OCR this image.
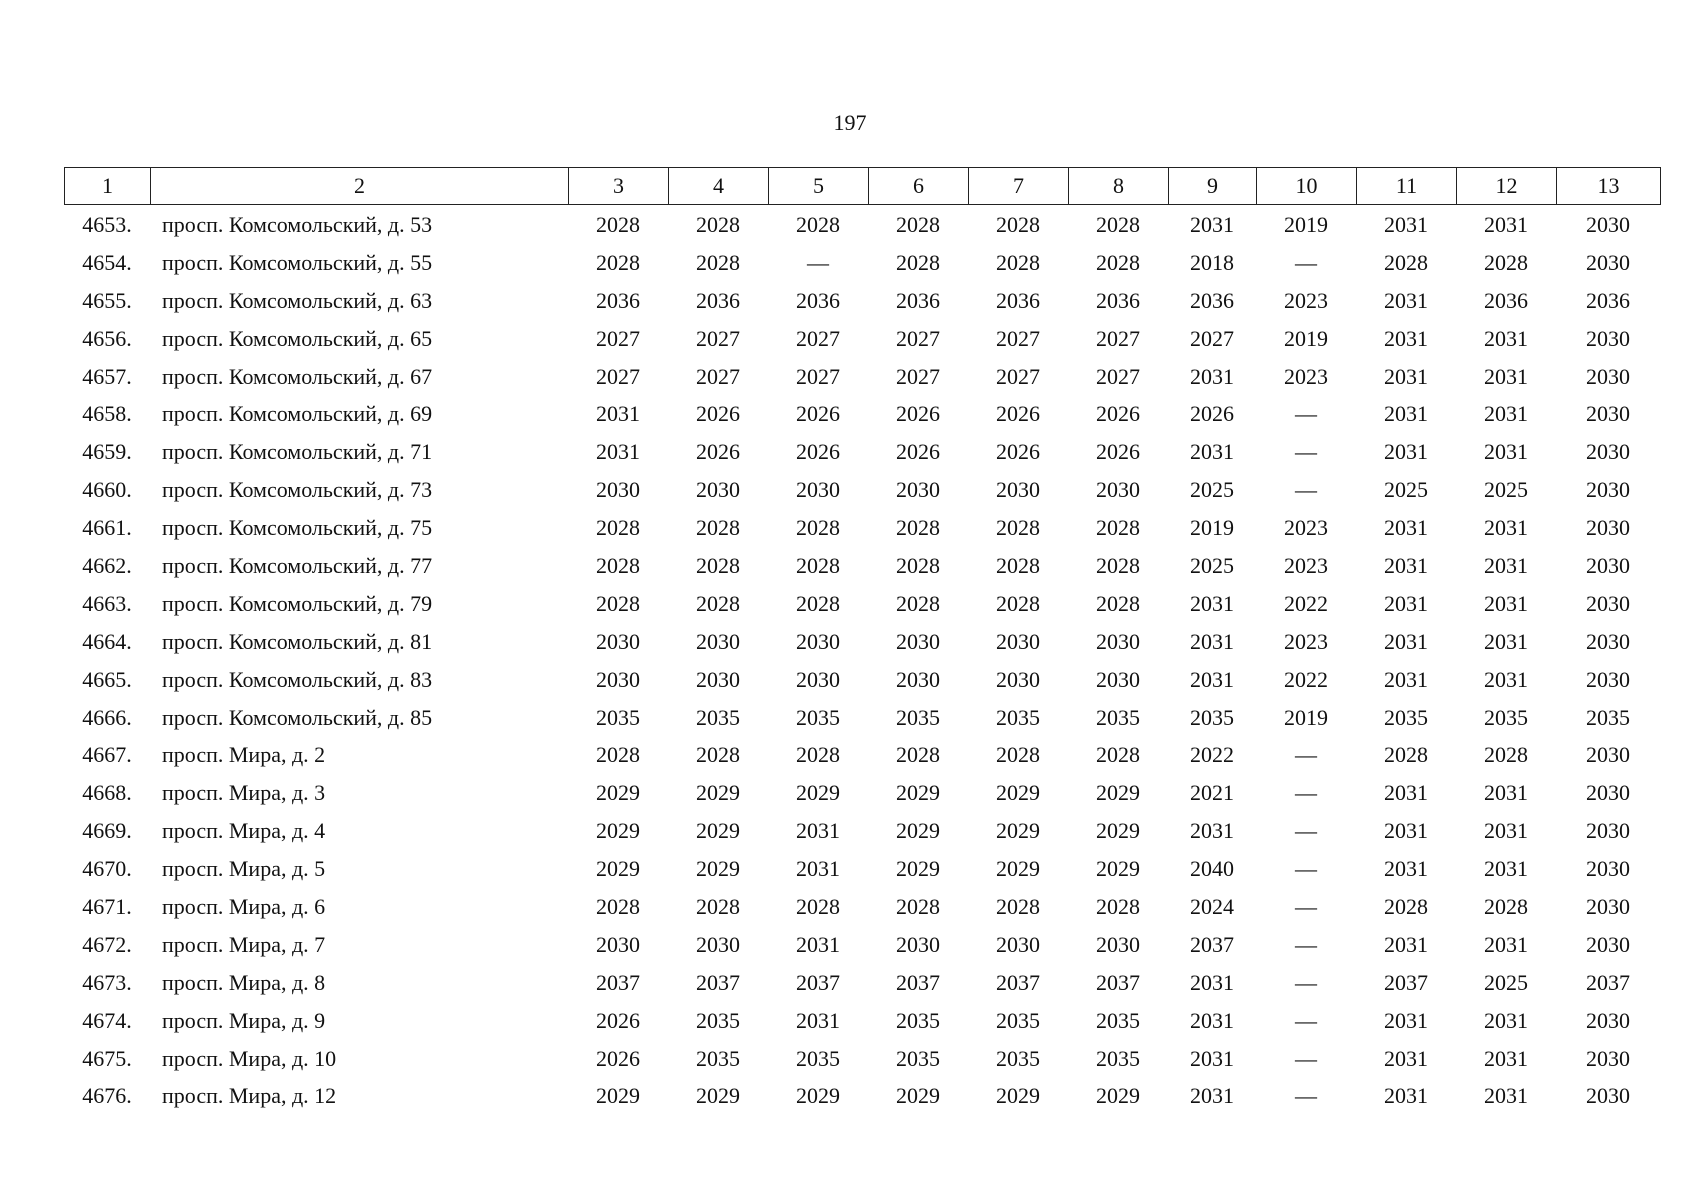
197
1	2	3	4	5	6	7	8	9	10	11	12	13
4653.	просп. Комсомольский, д. 53	2028	2028	2028	2028	2028	2028	2031	2019	2031	2031	2030
4654.	просп. Комсомольский, д. 55	2028	2028	—	2028	2028	2028	2018	—	2028	2028	2030
4655.	просп. Комсомольский, д. 63	2036	2036	2036	2036	2036	2036	2036	2023	2031	2036	2036
4656.	просп. Комсомольский, д. 65	2027	2027	2027	2027	2027	2027	2027	2019	2031	2031	2030
4657.	просп. Комсомольский, д. 67	2027	2027	2027	2027	2027	2027	2031	2023	2031	2031	2030
4658.	просп. Комсомольский, д. 69	2031	2026	2026	2026	2026	2026	2026	—	2031	2031	2030
4659.	просп. Комсомольский, д. 71	2031	2026	2026	2026	2026	2026	2031	—	2031	2031	2030
4660.	просп. Комсомольский, д. 73	2030	2030	2030	2030	2030	2030	2025	—	2025	2025	2030
4661.	просп. Комсомольский, д. 75	2028	2028	2028	2028	2028	2028	2019	2023	2031	2031	2030
4662.	просп. Комсомольский, д. 77	2028	2028	2028	2028	2028	2028	2025	2023	2031	2031	2030
4663.	просп. Комсомольский, д. 79	2028	2028	2028	2028	2028	2028	2031	2022	2031	2031	2030
4664.	просп. Комсомольский, д. 81	2030	2030	2030	2030	2030	2030	2031	2023	2031	2031	2030
4665.	просп. Комсомольский, д. 83	2030	2030	2030	2030	2030	2030	2031	2022	2031	2031	2030
4666.	просп. Комсомольский, д. 85	2035	2035	2035	2035	2035	2035	2035	2019	2035	2035	2035
4667.	просп. Мира, д. 2	2028	2028	2028	2028	2028	2028	2022	—	2028	2028	2030
4668.	просп. Мира, д. 3	2029	2029	2029	2029	2029	2029	2021	—	2031	2031	2030
4669.	просп. Мира, д. 4	2029	2029	2031	2029	2029	2029	2031	—	2031	2031	2030
4670.	просп. Мира, д. 5	2029	2029	2031	2029	2029	2029	2040	—	2031	2031	2030
4671.	просп. Мира, д. 6	2028	2028	2028	2028	2028	2028	2024	—	2028	2028	2030
4672.	просп. Мира, д. 7	2030	2030	2031	2030	2030	2030	2037	—	2031	2031	2030
4673.	просп. Мира, д. 8	2037	2037	2037	2037	2037	2037	2031	—	2037	2025	2037
4674.	просп. Мира, д. 9	2026	2035	2031	2035	2035	2035	2031	—	2031	2031	2030
4675.	просп. Мира, д. 10	2026	2035	2035	2035	2035	2035	2031	—	2031	2031	2030
4676.	просп. Мира, д. 12	2029	2029	2029	2029	2029	2029	2031	—	2031	2031	2030
